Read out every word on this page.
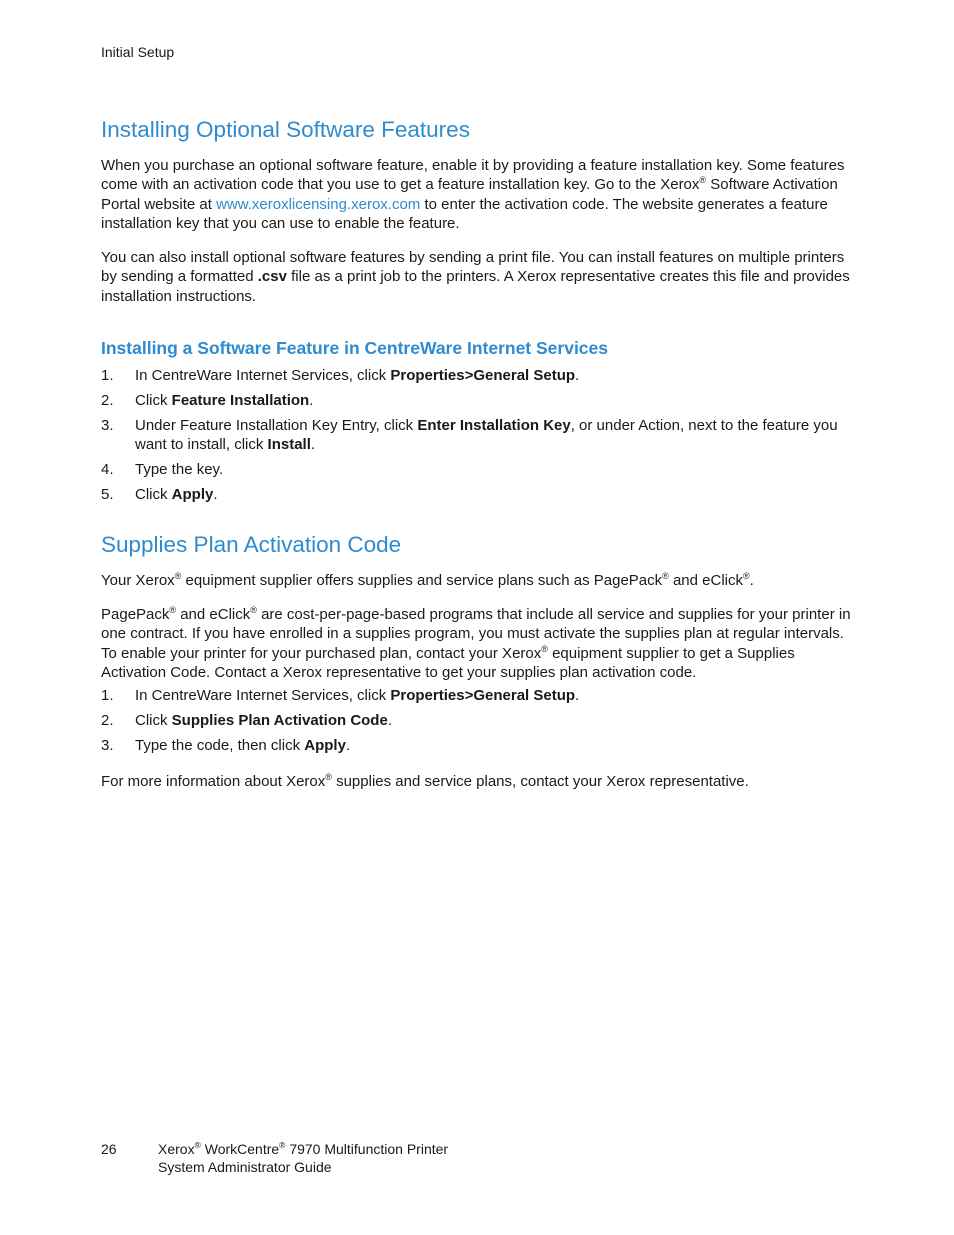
Initial Setup
Installing Optional Software Features

When you purchase an optional software feature, enable it by providing a feature installation key. Some features come with an activation code that you use to get a feature installation key. Go to the Xerox® Software Activation Portal website at www.xeroxlicensing.xerox.com to enter the activation code. The website generates a feature installation key that you can use to enable the feature.

You can also install optional software features by sending a print file. You can install features on multiple printers by sending a formatted .csv file as a print job to the printers. A Xerox representative creates this file and provides installation instructions.

Installing a Software Feature in CentreWare Internet Services
1.	In CentreWare Internet Services, click Properties>General Setup.
2.	Click Feature Installation.
3.	Under Feature Installation Key Entry, click Enter Installation Key, or under Action, next to the feature you want to install, click Install.
4.	Type the key.
5.	Click Apply.
Supplies Plan Activation Code

Your Xerox® equipment supplier offers supplies and service plans such as PagePack® and eClick®.

PagePack® and eClick® are cost-per-page-based programs that include all service and supplies for your printer in one contract. If you have enrolled in a supplies program, you must activate the supplies plan at regular intervals. To enable your printer for your purchased plan, contact your Xerox® equipment supplier to get a Supplies Activation Code. Contact a Xerox representative to get your supplies plan activation code.

1.	In CentreWare Internet Services, click Properties>General Setup.
2.	Click Supplies Plan Activation Code.
3.	Type the code, then click Apply.

For more information about Xerox® supplies and service plans, contact your Xerox representative.

26	Xerox® WorkCentre® 7970 Multifunction Printer
System Administrator Guide
